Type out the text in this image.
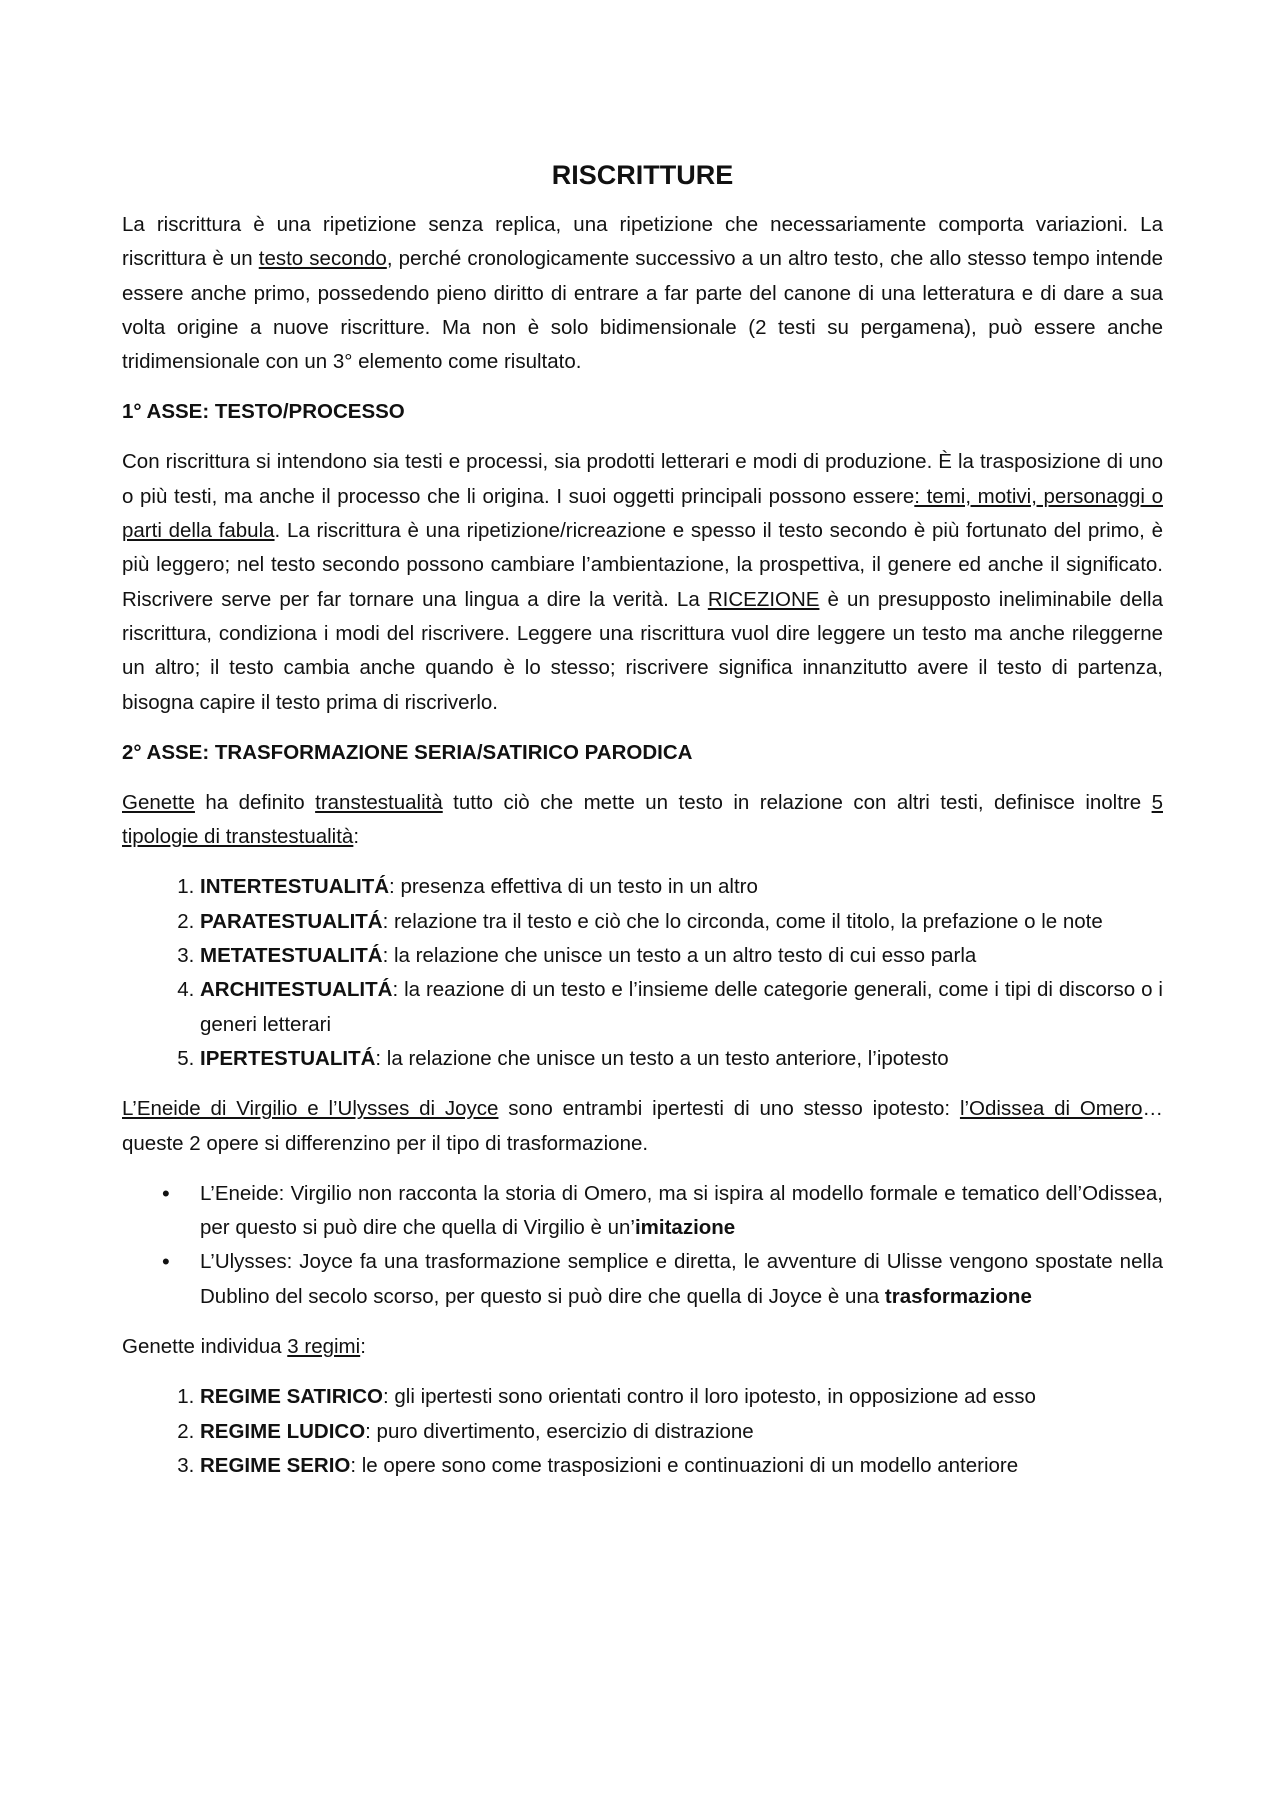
RISCRITTURE

La riscrittura è una ripetizione senza replica, una ripetizione che necessariamente comporta variazioni. La riscrittura è un testo secondo, perché cronologicamente successivo a un altro testo, che allo stesso tempo intende essere anche primo, possedendo pieno diritto di entrare a far parte del canone di una letteratura e di dare a sua volta origine a nuove riscritture. Ma non è solo bidimensionale (2 testi su pergamena), può essere anche tridimensionale con un 3° elemento come risultato.

1° ASSE: TESTO/PROCESSO

Con riscrittura si intendono sia testi e processi, sia prodotti letterari e modi di produzione. È la trasposizione di uno o più testi, ma anche il processo che li origina. I suoi oggetti principali possono essere: temi, motivi, personaggi o parti della fabula. La riscrittura è una ripetizione/ricreazione e spesso il testo secondo è più fortunato del primo, è più leggero; nel testo secondo possono cambiare l’ambientazione, la prospettiva, il genere ed anche il significato. Riscrivere serve per far tornare una lingua a dire la verità. La RICEZIONE è un presupposto ineliminabile della riscrittura, condiziona i modi del riscrivere. Leggere una riscrittura vuol dire leggere un testo ma anche rileggerne un altro; il testo cambia anche quando è lo stesso; riscrivere significa innanzitutto avere il testo di partenza, bisogna capire il testo prima di riscriverlo.

2° ASSE: TRASFORMAZIONE SERIA/SATIRICO PARODICA

Genette ha definito transtestualità tutto ciò che mette un testo in relazione con altri testi, definisce inoltre 5 tipologie di transtestualità:

1. INTERTESTUALITÁ: presenza effettiva di un testo in un altro
2. PARATESTUALITÁ: relazione tra il testo e ciò che lo circonda, come il titolo, la prefazione o le note
3. METATESTUALITÁ: la relazione che unisce un testo a un altro testo di cui esso parla
4. ARCHITESTUALITÁ: la reazione di un testo e l’insieme delle categorie generali, come i tipi di discorso o i generi letterari
5. IPERTESTUALITÁ: la relazione che unisce un testo a un testo anteriore, l’ipotesto

L’Eneide di Virgilio e l’Ulysses di Joyce sono entrambi ipertesti di uno stesso ipotesto: l’Odissea di Omero… queste 2 opere si differenzino per il tipo di trasformazione.

• L’Eneide: Virgilio non racconta la storia di Omero, ma si ispira al modello formale e tematico dell’Odissea, per questo si può dire che quella di Virgilio è un’imitazione
• L’Ulysses: Joyce fa una trasformazione semplice e diretta, le avventure di Ulisse vengono spostate nella Dublino del secolo scorso, per questo si può dire che quella di Joyce è una trasformazione

Genette individua 3 regimi:

1. REGIME SATIRICO: gli ipertesti sono orientati contro il loro ipotesto, in opposizione ad esso
2. REGIME LUDICO: puro divertimento, esercizio di distrazione
3. REGIME SERIO: le opere sono come trasposizioni e continuazioni di un modello anteriore
